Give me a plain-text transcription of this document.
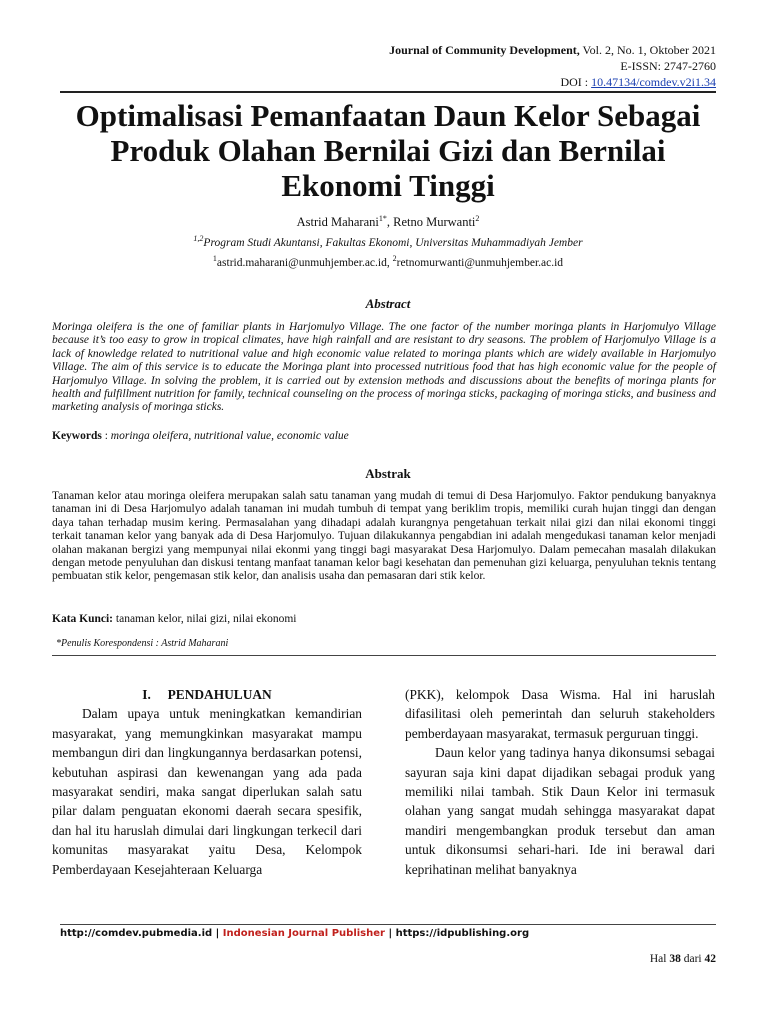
Journal of Community Development, Vol. 2, No. 1, Oktober 2021
E-ISSN: 2747-2760
DOI : 10.47134/comdev.v2i1.34
Optimalisasi Pemanfaatan Daun Kelor Sebagai Produk Olahan Bernilai Gizi dan Bernilai Ekonomi Tinggi
Astrid Maharani$^{1*}$, Retno Murwanti$^2$
$^{1,2}$Program Studi Akuntansi, Fakultas Ekonomi, Universitas Muhammadiyah Jember
$^1$astrid.maharani@unmuhjember.ac.id, $^2$retnomurwanti@unmuhjember.ac.id
Abstract

Moringa oleifera is the one of familiar plants in Harjomulyo Village. The one factor of the number moringa plants in Harjomulyo Village because it’s too easy to grow in tropical climates, have high rainfall and are resistant to dry seasons. The problem of Harjomulyo Village is a lack of knowledge related to nutritional value and high economic value related to moringa plants which are widely available in Harjomulyo Village. The aim of this service is to educate the Moringa plant into processed nutritious food that has high economic value for the people of Harjomulyo Village. In solving the problem, it is carried out by extension methods and discussions about the benefits of moringa plants for health and fulfillment nutrition for family, technical counseling on the process of moringa sticks, packaging of moringa sticks, and business and marketing analysis of moringa sticks.

Keywords : moringa oleifera, nutritional value, economic value
Abstrak

Tanaman kelor atau moringa oleifera merupakan salah satu tanaman yang mudah di temui di Desa Harjomulyo. Faktor pendukung banyaknya tanaman ini di Desa Harjomulyo adalah tanaman ini mudah tumbuh di tempat yang beriklim tropis, memiliki curah hujan tinggi dan dengan daya tahan terhadap musim kering. Permasalahan yang dihadapi adalah kurangnya pengetahuan terkait nilai gizi dan nilai ekonomi tinggi terkait tanaman kelor yang banyak ada di Desa Harjomulyo. Tujuan dilakukannya pengabdian ini adalah mengedukasi tanaman kelor menjadi olahan makanan bergizi yang mempunyai nilai ekonmi yang tinggi bagi masyarakat Desa Harjomulyo. Dalam pemecahan masalah dilakukan dengan metode penyuluhan dan diskusi tentang manfaat tanaman kelor bagi kesehatan dan pemenuhan gizi keluarga, penyuluhan teknis tentang pembuatan stik kelor, pengemasan stik kelor, dan analisis usaha dan pemasaran dari stik kelor.

Kata Kunci: tanaman kelor, nilai gizi, nilai ekonomi
*Penulis Korespondensi : Astrid Maharani
I. PENDAHULUAN

Dalam upaya untuk meningkatkan kemandirian masyarakat, yang memungkinkan masyarakat mampu membangun diri dan lingkungannya berdasarkan potensi, kebutuhan aspirasi dan kewenangan yang ada pada masyarakat sendiri, maka sangat diperlukan salah satu pilar dalam penguatan ekonomi daerah secara spesifik, dan hal itu haruslah dimulai dari lingkungan terkecil dari komunitas masyarakat yaitu Desa, Kelompok Pemberdayaan Kesejahteraan Keluarga

(PKK), kelompok Dasa Wisma. Hal ini haruslah difasilitasi oleh pemerintah dan seluruh stakeholders pemberdayaan masyarakat, termasuk perguruan tinggi.

Daun kelor yang tadinya hanya dikonsumsi sebagai sayuran saja kini dapat dijadikan sebagai produk yang memiliki nilai tambah. Stik Daun Kelor ini termasuk olahan yang sangat mudah sehingga masyarakat dapat mandiri mengembangkan produk tersebut dan aman untuk dikonsumsi sehari-hari. Ide ini berawal dari keprihatinan melihat banyaknya

http://comdev.pubmedia.id | Indonesian Journal Publisher | https://idpublishing.org
Hal 38 dari 42
